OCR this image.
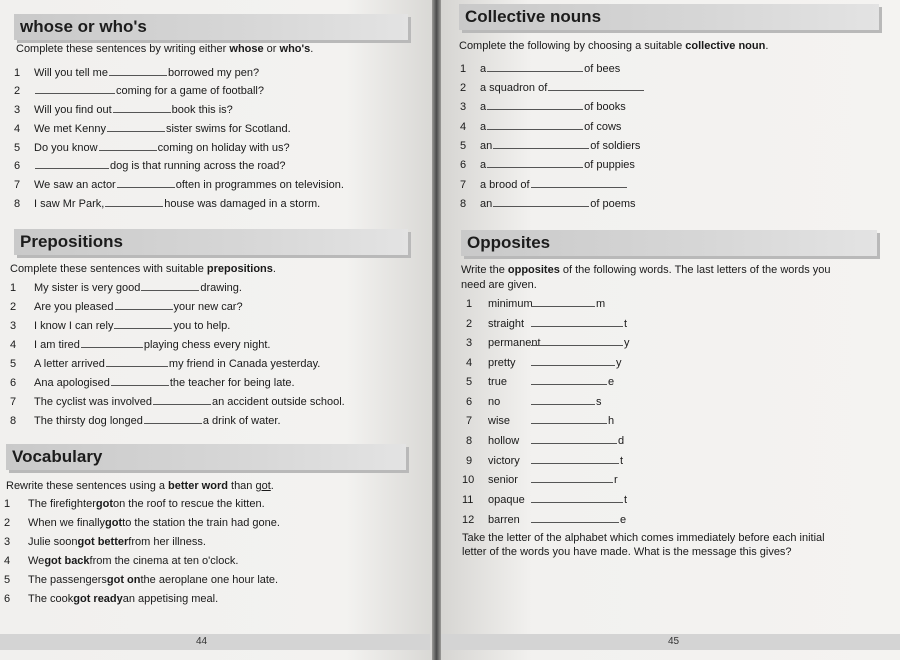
whose or who's
Complete these sentences by writing either whose or who's.
1	Will you tell me	borrowed my pen?
2	coming for a game of football?
3	Will you find out	book this is?
4	We met Kenny	sister swims for Scotland.
5	Do you know	coming on holiday with us?
6	dog is that running across the road?
7	We saw an actor	often in programmes on television.
8	I saw Mr Park,	house was damaged in a storm.
Prepositions
Complete these sentences with suitable prepositions.
1	My sister is very good	drawing.
2	Are you pleased	your new car?
3	I know I can rely	you to help.
4	I am tired	playing chess every night.
5	A letter arrived	my friend in Canada yesterday.
6	Ana apologised	the teacher for being late.
7	The cyclist was involved	an accident outside school.
8	The thirsty dog longed	a drink of water.
Vocabulary
Rewrite these sentences using a better word than got.
1	The firefighter got on the roof to rescue the kitten.
2	When we finally got to the station the train had gone.
3	Julie soon got better from her illness.
4	We got back from the cinema at ten o'clock.
5	The passengers got on the aeroplane one hour late.
6	The cook got ready an appetising meal.
44
Collective nouns
Complete the following by choosing a suitable collective noun.
1	a	of bees
2	a squadron of
3	a	of books
4	a	of cows
5	an	of soldiers
6	a	of puppies
7	a brood of
8	an	of poems
Opposites
Write the opposites of the following words. The last letters of the words you
need are given.
1	minimum	m
2	straight	t
3	permanent	y
4	pretty	y
5	true	e
6	no	s
7	wise	h
8	hollow	d
9	victory	t
10	senior	r
11	opaque	t
12	barren	e
Take the letter of the alphabet which comes immediately before each initial
letter of the words you have made. What is the message this gives?
45
